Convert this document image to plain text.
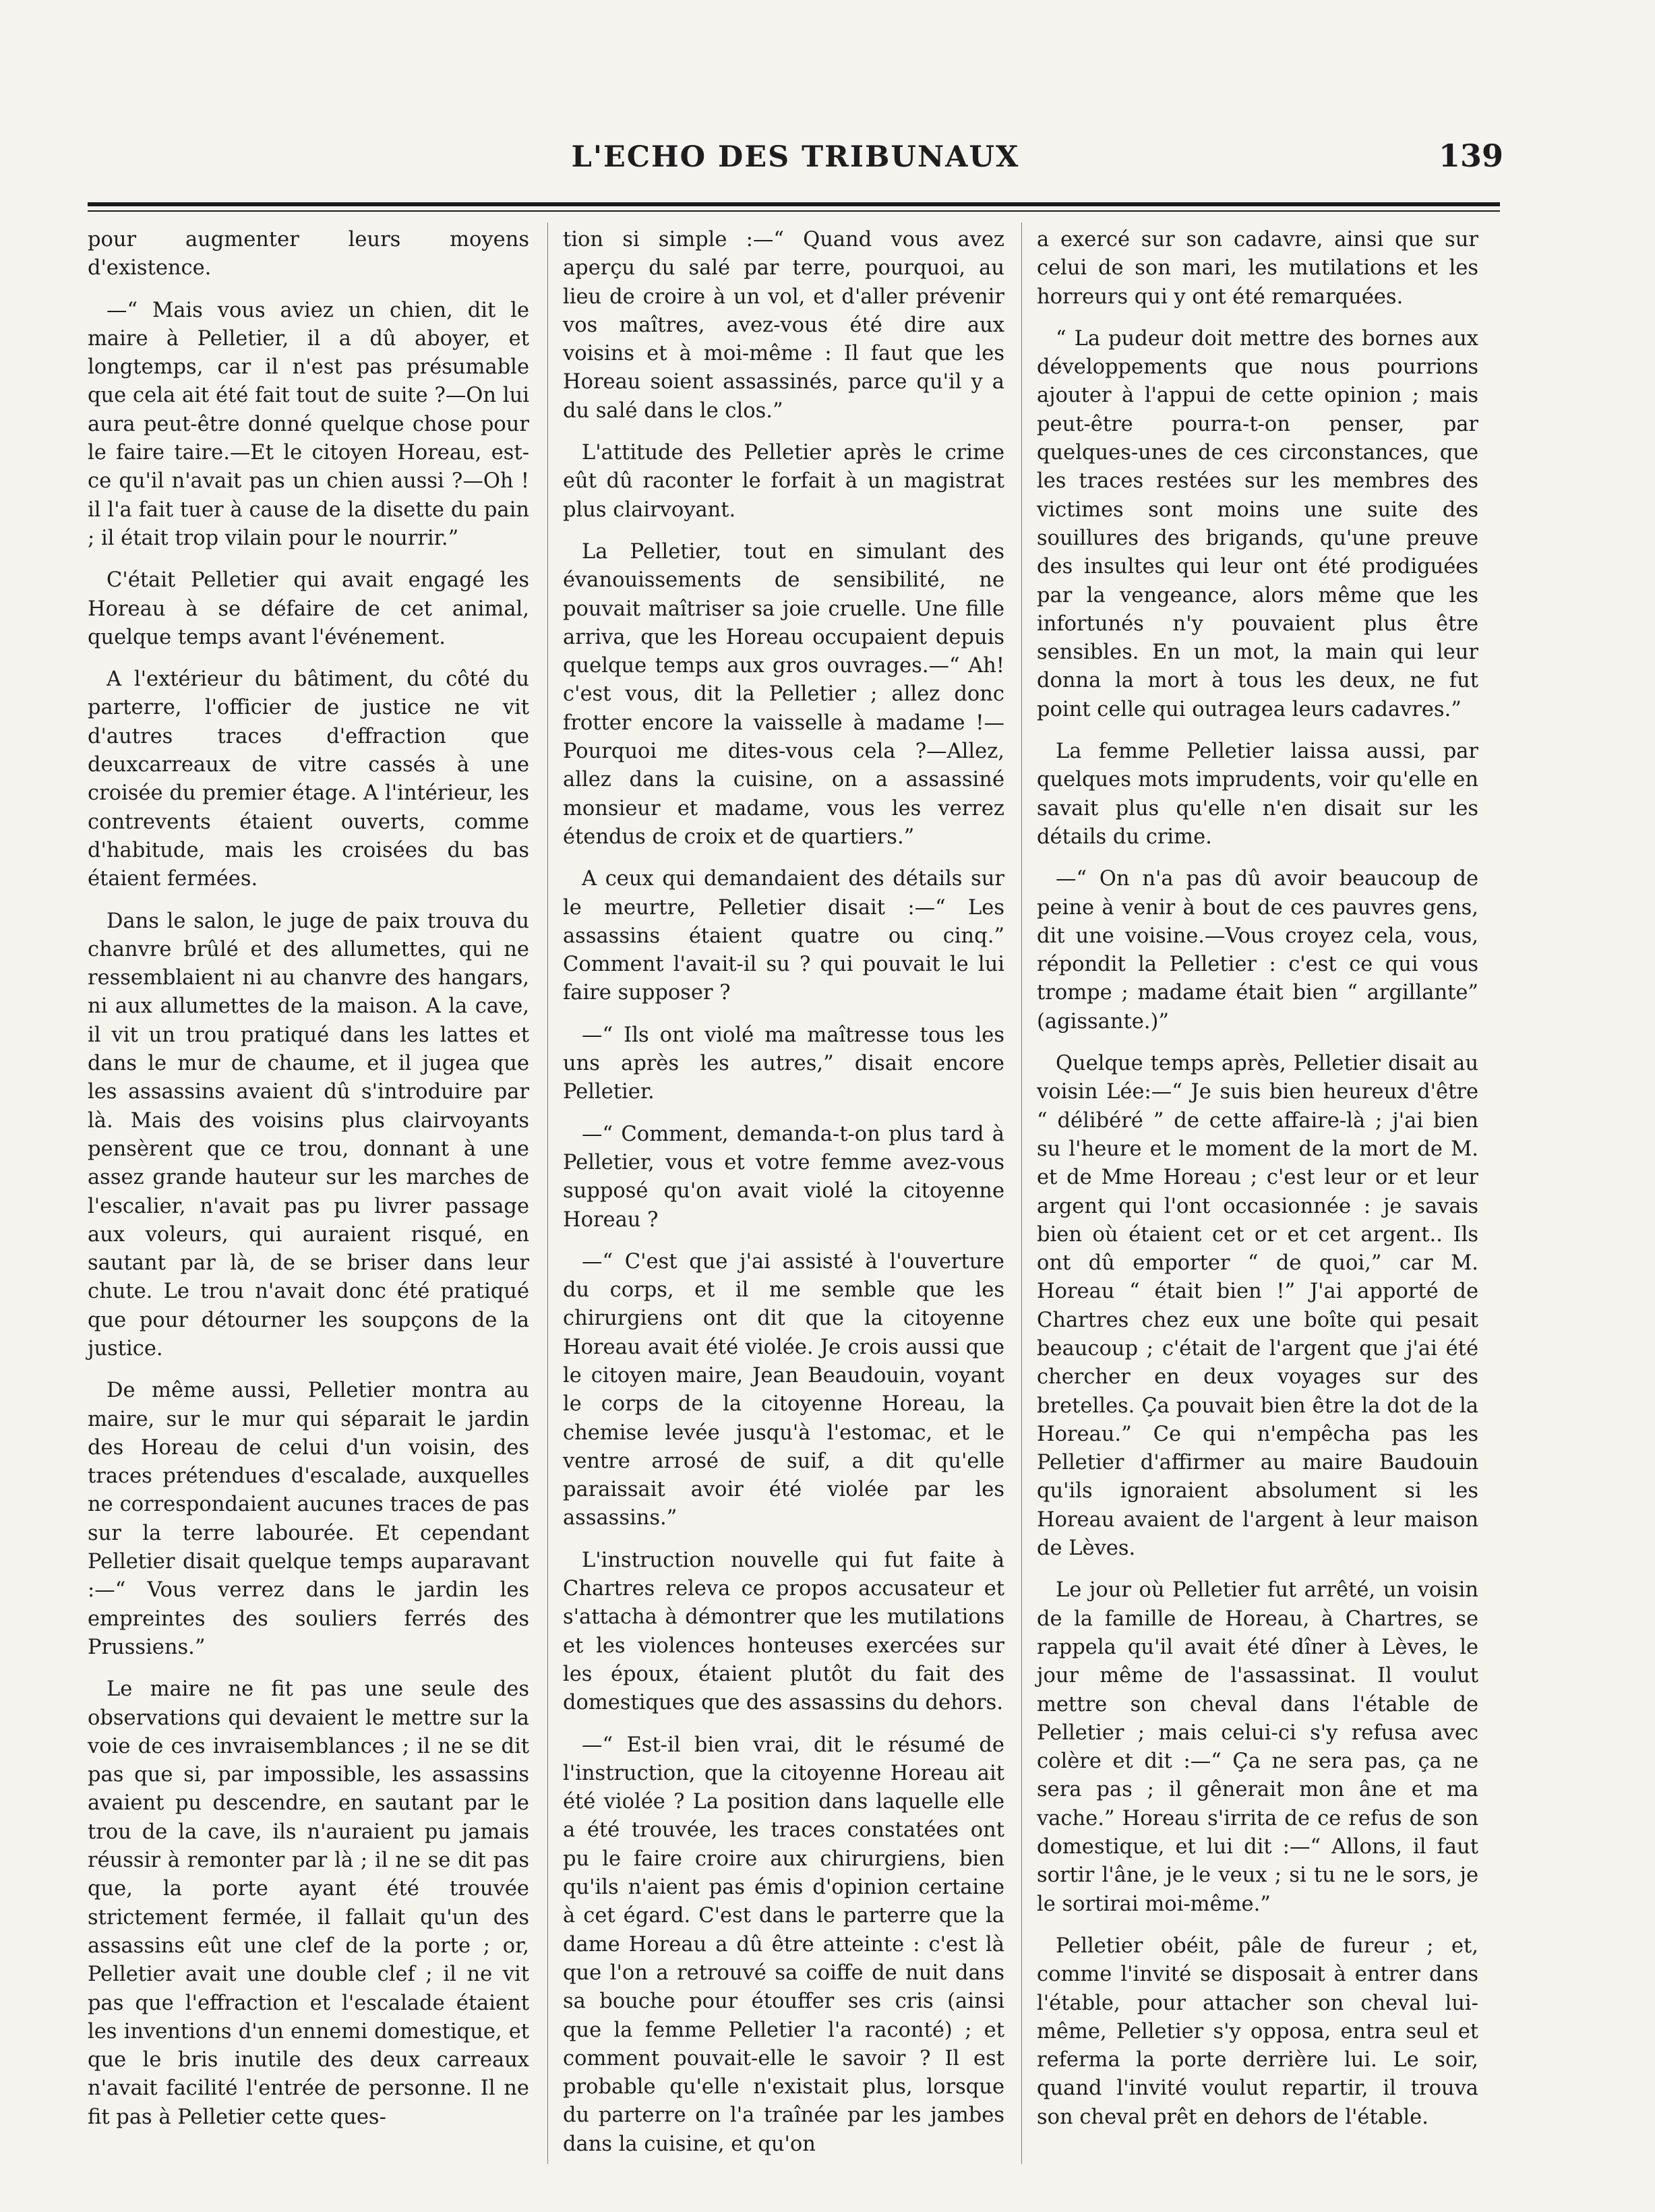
L'ECHO DES TRIBUNAUX	139

pour augmenter leurs moyens d'existence.

—“ Mais vous aviez un chien, dit le maire à Pelletier, il a dû aboyer, et longtemps, car il n'est pas présumable que cela ait été fait tout de suite ?—On lui aura peut-être donné quelque chose pour le faire taire.—Et le citoyen Horeau, est-ce qu'il n'avait pas un chien aussi ?—Oh ! il l'a fait tuer à cause de la disette du pain ; il était trop vilain pour le nourrir.”

C'était Pelletier qui avait engagé les Horeau à se défaire de cet animal, quelque temps avant l'événement.

A l'extérieur du bâtiment, du côté du parterre, l'officier de justice ne vit d'autres traces d'effraction que deuxcarreaux de vitre cassés à une croisée du premier étage. A l'intérieur, les contrevents étaient ouverts, comme d'habitude, mais les croisées du bas étaient fermées.

Dans le salon, le juge de paix trouva du chanvre brûlé et des allumettes, qui ne ressemblaient ni au chanvre des hangars, ni aux allumettes de la maison. A la cave, il vit un trou pratiqué dans les lattes et dans le mur de chaume, et il jugea que les assassins avaient dû s'introduire par là. Mais des voisins plus clairvoyants pensèrent que ce trou, donnant à une assez grande hauteur sur les marches de l'escalier, n'avait pas pu livrer passage aux voleurs, qui auraient risqué, en sautant par là, de se briser dans leur chute. Le trou n'avait donc été pratiqué que pour détourner les soupçons de la justice.

De même aussi, Pelletier montra au maire, sur le mur qui séparait le jardin des Horeau de celui d'un voisin, des traces prétendues d'escalade, auxquelles ne correspondaient aucunes traces de pas sur la terre labourée. Et cependant Pelletier disait quelque temps auparavant :—“ Vous verrez dans le jardin les empreintes des souliers ferrés des Prussiens.”

Le maire ne fit pas une seule des observations qui devaient le mettre sur la voie de ces invraisemblances ; il ne se dit pas que si, par impossible, les assassins avaient pu descendre, en sautant par le trou de la cave, ils n'auraient pu jamais réussir à remonter par là ; il ne se dit pas que, la porte ayant été trouvée strictement fermée, il fallait qu'un des assassins eût une clef de la porte ; or, Pelletier avait une double clef ; il ne vit pas que l'effraction et l'escalade étaient les inventions d'un ennemi domestique, et que le bris inutile des deux carreaux n'avait facilité l'entrée de personne. Il ne fit pas à Pelletier cette ques-

tion si simple :—“ Quand vous avez aperçu du salé par terre, pourquoi, au lieu de croire à un vol, et d'aller prévenir vos maîtres, avez-vous été dire aux voisins et à moi-même : Il faut que les Horeau soient assassinés, parce qu'il y a du salé dans le clos.”

L'attitude des Pelletier après le crime eût dû raconter le forfait à un magistrat plus clairvoyant.

La Pelletier, tout en simulant des évanouissements de sensibilité, ne pouvait maîtriser sa joie cruelle. Une fille arriva, que les Horeau occupaient depuis quelque temps aux gros ouvrages.—“ Ah! c'est vous, dit la Pelletier ; allez donc frotter encore la vaisselle à madame !—Pourquoi me dites-vous cela ?—Allez, allez dans la cuisine, on a assassiné monsieur et madame, vous les verrez étendus de croix et de quartiers.”

A ceux qui demandaient des détails sur le meurtre, Pelletier disait :—“ Les assassins étaient quatre ou cinq.” Comment l'avait-il su ? qui pouvait le lui faire supposer ?

—“ Ils ont violé ma maîtresse tous les uns après les autres,” disait encore Pelletier.

—“ Comment, demanda-t-on plus tard à Pelletier, vous et votre femme avez-vous supposé qu'on avait violé la citoyenne Horeau ?

—“ C'est que j'ai assisté à l'ouverture du corps, et il me semble que les chirurgiens ont dit que la citoyenne Horeau avait été violée. Je crois aussi que le citoyen maire, Jean Beaudouin, voyant le corps de la citoyenne Horeau, la chemise levée jusqu'à l'estomac, et le ventre arrosé de suif, a dit qu'elle paraissait avoir été violée par les assassins.”

L'instruction nouvelle qui fut faite à Chartres releva ce propos accusateur et s'attacha à démontrer que les mutilations et les violences honteuses exercées sur les époux, étaient plutôt du fait des domestiques que des assassins du dehors.

—“ Est-il bien vrai, dit le résumé de l'instruction, que la citoyenne Horeau ait été violée ? La position dans laquelle elle a été trouvée, les traces constatées ont pu le faire croire aux chirurgiens, bien qu'ils n'aient pas émis d'opinion certaine à cet égard. C'est dans le parterre que la dame Horeau a dû être atteinte : c'est là que l'on a retrouvé sa coiffe de nuit dans sa bouche pour étouffer ses cris (ainsi que la femme Pelletier l'a raconté) ; et comment pouvait-elle le savoir ? Il est probable qu'elle n'existait plus, lorsque du parterre on l'a traînée par les jambes dans la cuisine, et qu'on

a exercé sur son cadavre, ainsi que sur celui de son mari, les mutilations et les horreurs qui y ont été remarquées.

“ La pudeur doit mettre des bornes aux développements que nous pourrions ajouter à l'appui de cette opinion ; mais peut-être pourra-t-on penser, par quelques-unes de ces circonstances, que les traces restées sur les membres des victimes sont moins une suite des souillures des brigands, qu'une preuve des insultes qui leur ont été prodiguées par la vengeance, alors même que les infortunés n'y pouvaient plus être sensibles. En un mot, la main qui leur donna la mort à tous les deux, ne fut point celle qui outragea leurs cadavres.”

La femme Pelletier laissa aussi, par quelques mots imprudents, voir qu'elle en savait plus qu'elle n'en disait sur les détails du crime.

—“ On n'a pas dû avoir beaucoup de peine à venir à bout de ces pauvres gens, dit une voisine.—Vous croyez cela, vous, répondit la Pelletier : c'est ce qui vous trompe ; madame était bien “ argillante” (agissante.)”

Quelque temps après, Pelletier disait au voisin Lée:—“ Je suis bien heureux d'être “ délibéré ” de cette affaire-là ; j'ai bien su l'heure et le moment de la mort de M. et de Mme Horeau ; c'est leur or et leur argent qui l'ont occasionnée : je savais bien où étaient cet or et cet argent.. Ils ont dû emporter “ de quoi,” car M. Horeau “ était bien !” J'ai apporté de Chartres chez eux une boîte qui pesait beaucoup ; c'était de l'argent que j'ai été chercher en deux voyages sur des bretelles. Ça pouvait bien être la dot de la Horeau.” Ce qui n'empêcha pas les Pelletier d'affirmer au maire Baudouin qu'ils ignoraient absolument si les Horeau avaient de l'argent à leur maison de Lèves.

Le jour où Pelletier fut arrêté, un voisin de la famille de Horeau, à Chartres, se rappela qu'il avait été dîner à Lèves, le jour même de l'assassinat. Il voulut mettre son cheval dans l'étable de Pelletier ; mais celui-ci s'y refusa avec colère et dit :—“ Ça ne sera pas, ça ne sera pas ; il gênerait mon âne et ma vache.” Horeau s'irrita de ce refus de son domestique, et lui dit :—“ Allons, il faut sortir l'âne, je le veux ; si tu ne le sors, je le sortirai moi-même.”

Pelletier obéit, pâle de fureur ; et, comme l'invité se disposait à entrer dans l'étable, pour attacher son cheval lui-même, Pelletier s'y opposa, entra seul et referma la porte derrière lui. Le soir, quand l'invité voulut repartir, il trouva son cheval prêt en dehors de l'étable.
